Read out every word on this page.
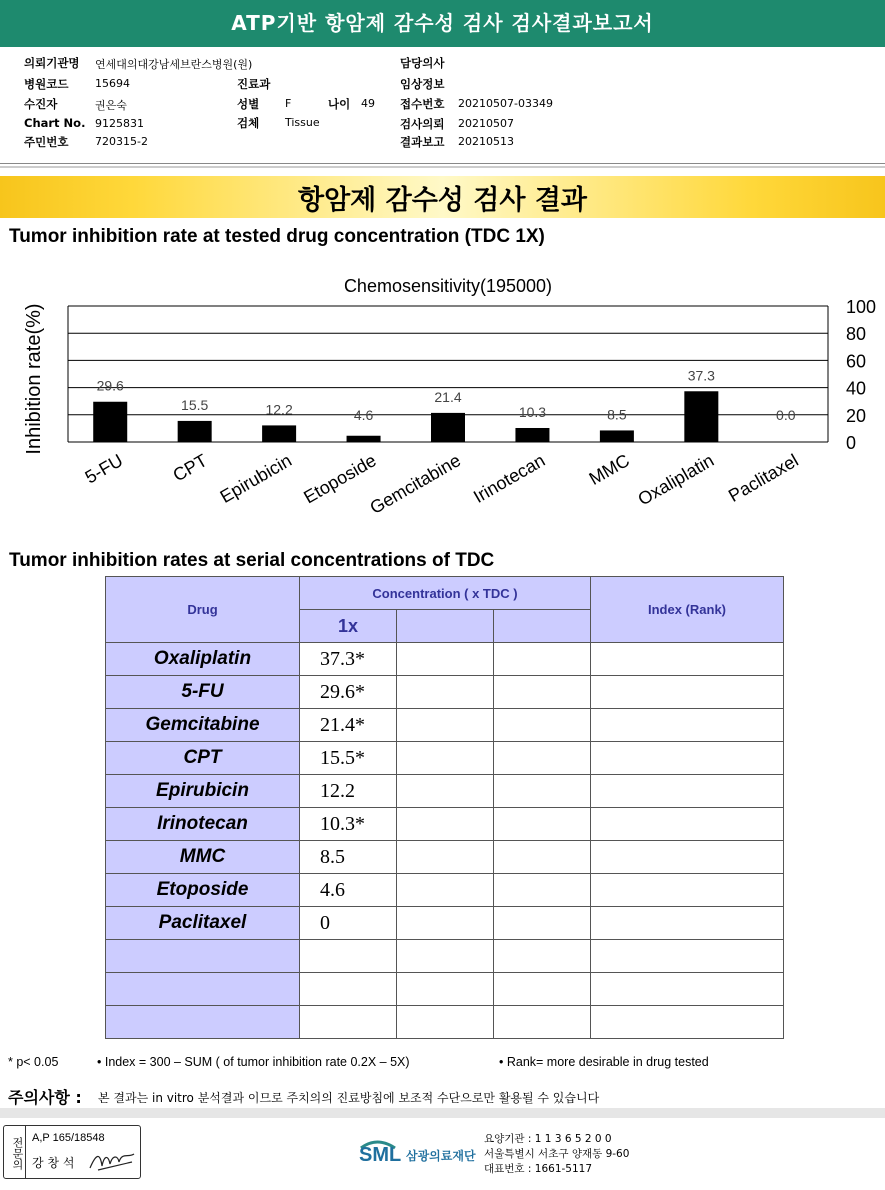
ATP기반 항암제 감수성 검사 검사결과보고서
의뢰기관명 연세대의대강남세브란스병원(원)
병원코드 15694
수진자	권은숙
Chart No. 9125831
주민번호 720315-2
진료과
성별 F	나이 49
검체 Tissue
담당의사
임상정보
접수번호 20210507-03349
검사의뢰 20210507
결과보고 20210513
항암제 감수성 검사 결과
Tumor inhibition rate at tested drug concentration (TDC 1X)
Chemosensitivity(195000)
0
20
40
60
80
100
Inhibition rate(%)	29.6
5-FU
15.5
CPT
12.2
Epirubicin
4.6
Etoposide
21.4
Gemcitabine
10.3
Irinotecan
8.5
MMC
37.3
Oxaliplatin
0.0
Paclitaxel
Tumor inhibition rates at serial concentrations of TDC
Drug	Concentration ( x TDC )			Index (Rank)
	1x			
Oxaliplatin	37.3*			
5-FU	29.6*			
Gemcitabine	21.4*			
CPT	15.5*			
Epirubicin	12.2			
Irinotecan	10.3*			
MMC	8.5			
Etoposide	4.6			
Paclitaxel	0			

* p< 0.05	• Index = 300 – SUM ( of tumor inhibition rate 0.2X – 5X)	• Rank= more desirable in drug tested
주의사항 : 본 결과는 in vitro 분석결과 이므로 주치의의 진료방침에 보조적 수단으로만 활용될 수 있습니다
전문의 A,P 165/18548
강 창 석	SML 삼광의료재단
요양기관 : 1 1 3 6 5 2 0 0
서울특별시 서초구 양재동 9-60
대표번호 : 1661-5117
